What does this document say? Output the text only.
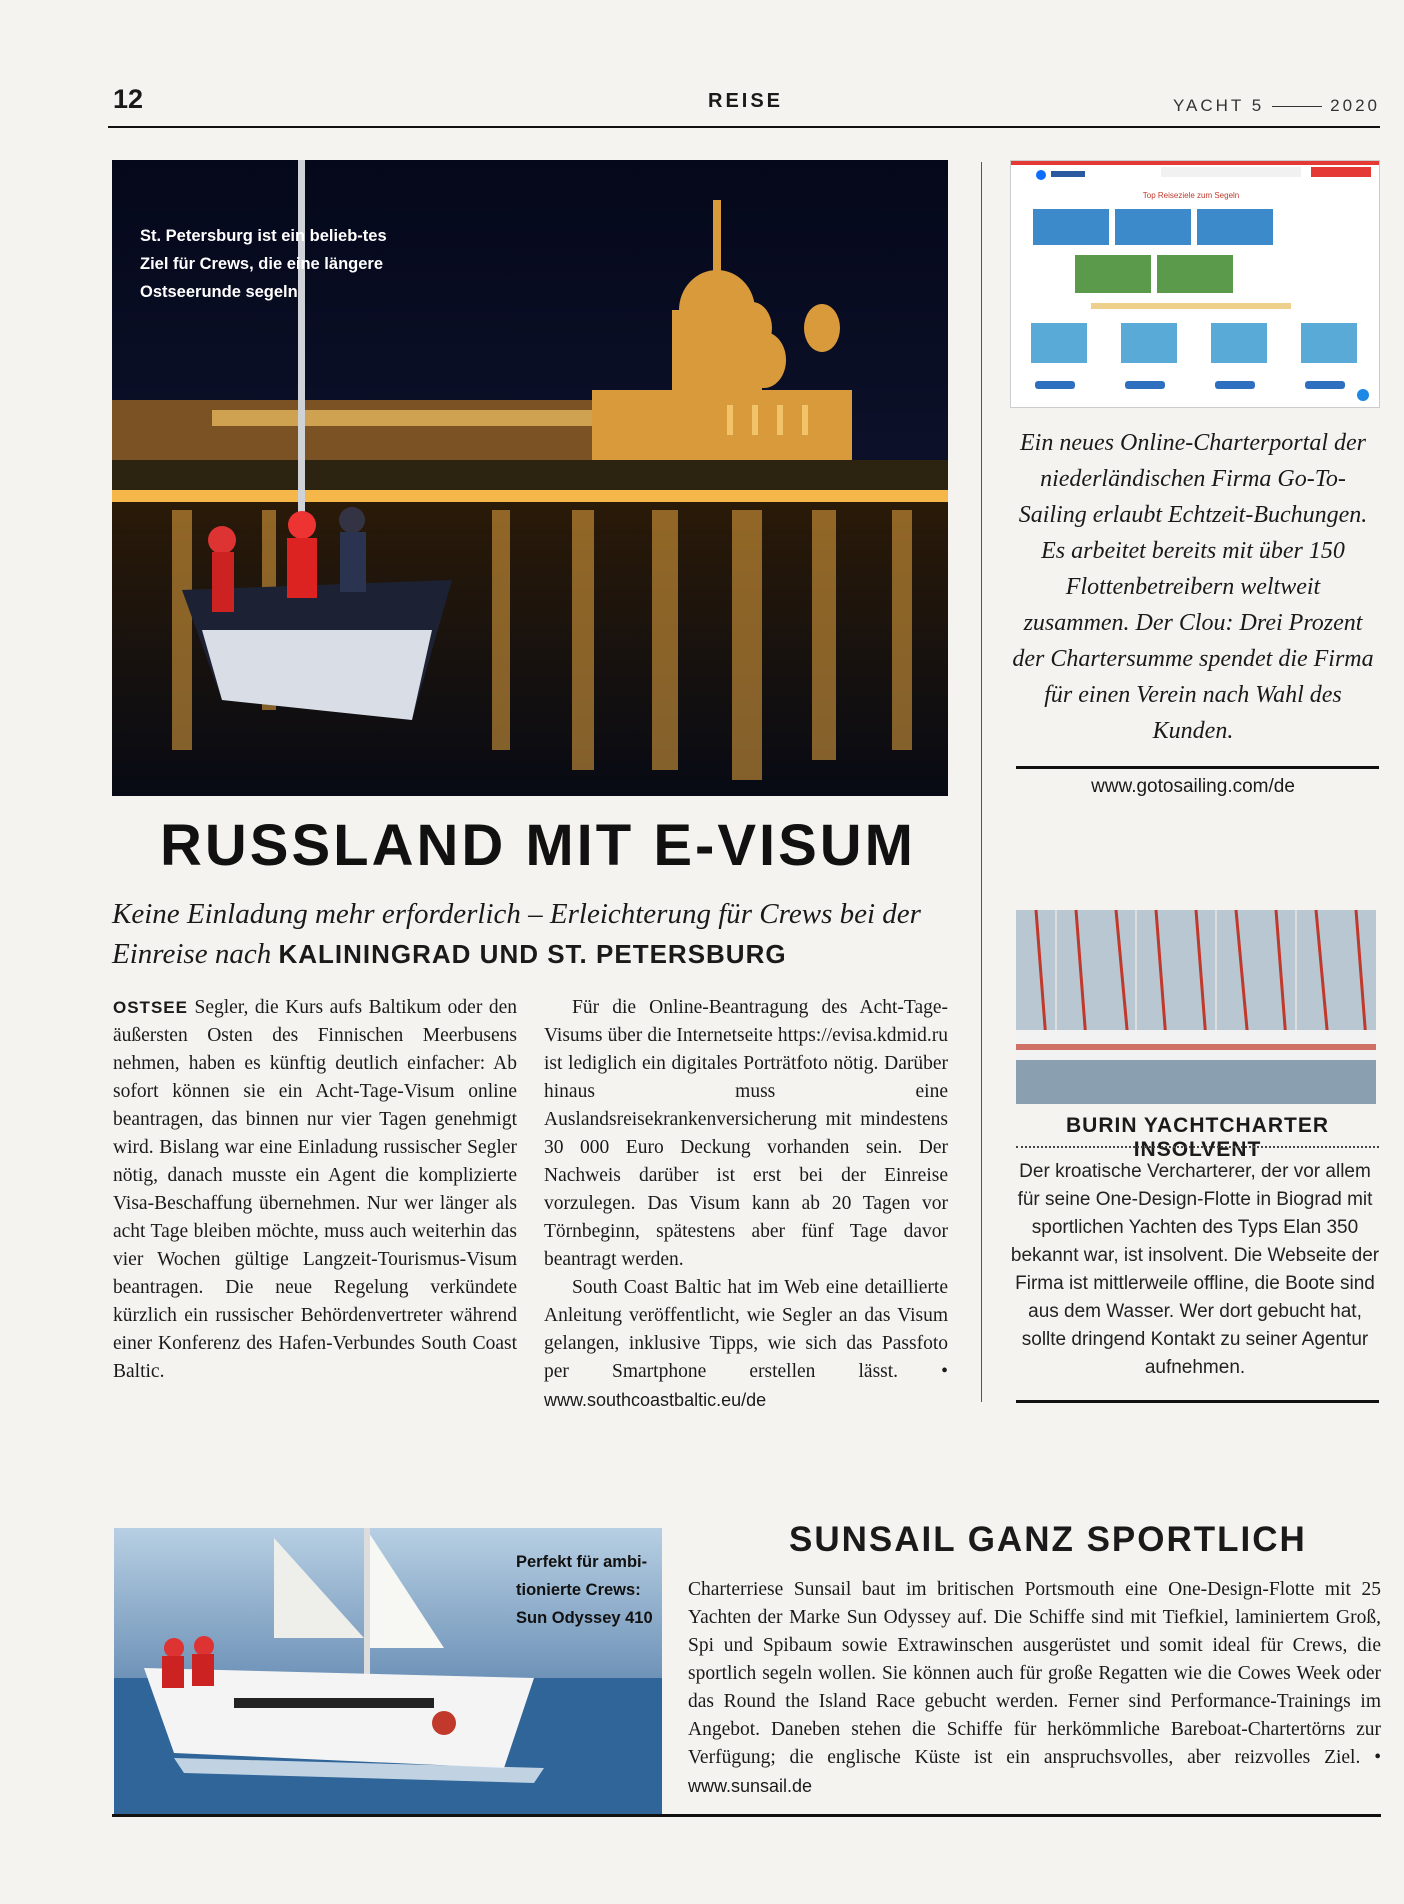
12	REISE	YACHT 5	2020
St. Petersburg ist ein belieb-tes Ziel für Crews, die eine längere Ostseerunde segeln
Top Reiseziele zum Segeln
Ein neues Online-Charterportal der niederländischen Firma Go-To-Sailing erlaubt Echtzeit-Buchungen. Es arbeitet bereits mit über 150 Flottenbetreibern weltweit zusammen. Der Clou: Drei Prozent der Chartersumme spendet die Firma für einen Verein nach Wahl des Kunden.
www.gotosailing.com/de
RUSSLAND MIT E-VISUM
Keine Einladung mehr erforderlich – Erleichterung für Crews bei der Einreise nach KALININGRAD UND ST. PETERSBURG
OSTSEE Segler, die Kurs aufs Baltikum oder den äußersten Osten des Finnischen Meerbusens nehmen, haben es künftig deutlich einfacher: Ab sofort können sie ein Acht-Tage-Visum online beantragen, das binnen nur vier Tagen genehmigt wird. Bislang war eine Einladung russischer Segler nötig, danach musste ein Agent die komplizierte Visa-Beschaffung übernehmen. Nur wer länger als acht Tage bleiben möchte, muss auch weiterhin das vier Wochen gültige Langzeit-Tourismus-Visum beantragen. Die neue Regelung verkündete kürzlich ein russischer Behördenvertreter während einer Konferenz des Hafen-Verbundes South Coast Baltic.
Für die Online-Beantragung des Acht-Tage-Visums über die Internetseite https://evisa.kdmid.ru ist lediglich ein digitales Porträtfoto nötig. Darüber hinaus muss eine Auslandsreisekrankenversicherung mit mindestens 30 000 Euro Deckung vorhanden sein. Der Nachweis darüber ist erst bei der Einreise vorzulegen. Das Visum kann ab 20 Tagen vor Törnbeginn, spätestens aber fünf Tage davor beantragt werden.
South Coast Baltic hat im Web eine detaillierte Anleitung veröffentlicht, wie Segler an das Visum gelangen, inklusive Tipps, wie sich das Passfoto per Smartphone erstellen lässt. • www.southcoastbaltic.eu/de
BURIN YACHTCHARTER INSOLVENT
Der kroatische Vercharterer, der vor allem für seine One-Design-Flotte in Biograd mit sportlichen Yachten des Typs Elan 350 bekannt war, ist insolvent. Die Webseite der Firma ist mittlerweile offline, die Boote sind aus dem Wasser. Wer dort gebucht hat, sollte dringend Kontakt zu seiner Agentur aufnehmen.
Perfekt für ambi-tionierte Crews:
Sun Odyssey 410
SUNSAIL GANZ SPORTLICH
Charterriese Sunsail baut im britischen Portsmouth eine One-Design-Flotte mit 25 Yachten der Marke Sun Odyssey auf. Die Schiffe sind mit Tiefkiel, laminiertem Groß, Spi und Spibaum sowie Extrawinschen ausgerüstet und somit ideal für Crews, die sportlich segeln wollen. Sie können auch für große Regatten wie die Cowes Week oder das Round the Island Race gebucht werden. Ferner sind Performance-Trainings im Angebot. Daneben stehen die Schiffe für herkömmliche Bareboat-Chartertörns zur Verfügung; die englische Küste ist ein anspruchsvolles, aber reizvolles Ziel. • www.sunsail.de
